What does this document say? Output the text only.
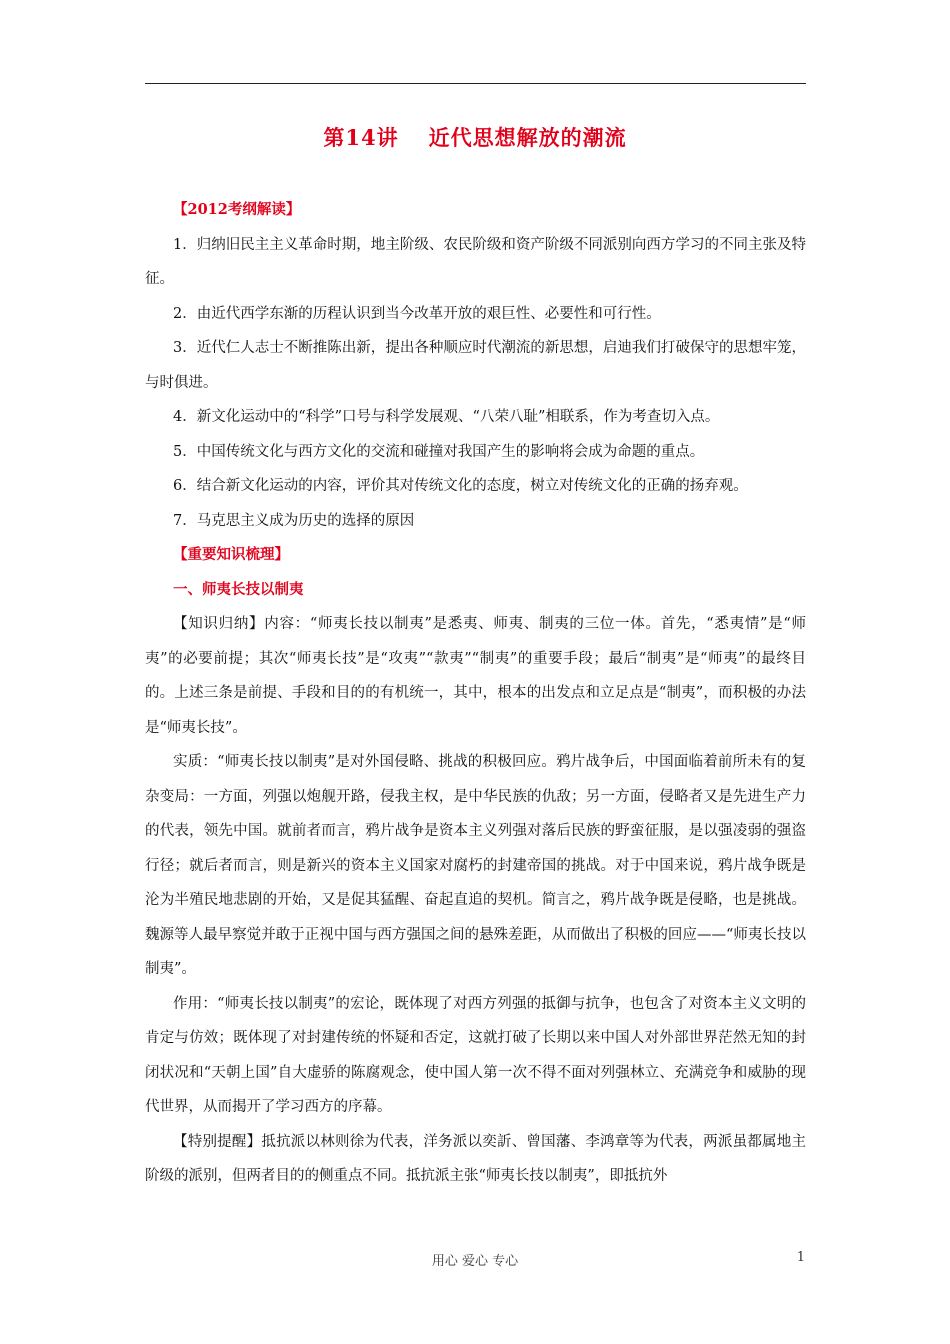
第14讲 近代思想解放的潮流

【2012考纲解读】

1．归纳旧民主主义革命时期，地主阶级、农民阶级和资产阶级不同派别向西方学习的不同主张及特征。

2．由近代西学东渐的历程认识到当今改革开放的艰巨性、必要性和可行性。

3．近代仁人志士不断推陈出新，提出各种顺应时代潮流的新思想，启迪我们打破保守的思想牢笼，与时俱进。

4．新文化运动中的“科学”口号与科学发展观、“八荣八耻”相联系，作为考查切入点。

5．中国传统文化与西方文化的交流和碰撞对我国产生的影响将会成为命题的重点。

6．结合新文化运动的内容，评价其对传统文化的态度，树立对传统文化的正确的扬弃观。

7．马克思主义成为历史的选择的原因

【重要知识梳理】

一、师夷长技以制夷

【知识归纳】内容：“师夷长技以制夷”是悉夷、师夷、制夷的三位一体。首先，“悉夷情”是“师夷”的必要前提；其次“师夷长技”是“攻夷”“款夷”“制夷”的重要手段；最后“制夷”是“师夷”的最终目的。上述三条是前提、手段和目的的有机统一，其中，根本的出发点和立足点是“制夷”，而积极的办法是“师夷长技”。

实质：“师夷长技以制夷”是对外国侵略、挑战的积极回应。鸦片战争后，中国面临着前所未有的复杂变局：一方面，列强以炮舰开路，侵我主权，是中华民族的仇敌；另一方面，侵略者又是先进生产力的代表，领先中国。就前者而言，鸦片战争是资本主义列强对落后民族的野蛮征服，是以强凌弱的强盗行径；就后者而言，则是新兴的资本主义国家对腐朽的封建帝国的挑战。对于中国来说，鸦片战争既是沦为半殖民地悲剧的开始，又是促其猛醒、奋起直追的契机。简言之，鸦片战争既是侵略，也是挑战。魏源等人最早察觉并敢于正视中国与西方强国之间的悬殊差距，从而做出了积极的回应——“师夷长技以制夷”。

作用：“师夷长技以制夷”的宏论，既体现了对西方列强的抵御与抗争，也包含了对资本主义文明的肯定与仿效；既体现了对封建传统的怀疑和否定，这就打破了长期以来中国人对外部世界茫然无知的封闭状况和“天朝上国”自大虚骄的陈腐观念，使中国人第一次不得不面对列强林立、充满竞争和威胁的现代世界，从而揭开了学习西方的序幕。

【特别提醒】抵抗派以林则徐为代表，洋务派以奕訢、曾国藩、李鸿章等为代表，两派虽都属地主阶级的派别，但两者目的的侧重点不同。抵抗派主张“师夷长技以制夷”，即抵抗外

用心 爱心 专心	1
